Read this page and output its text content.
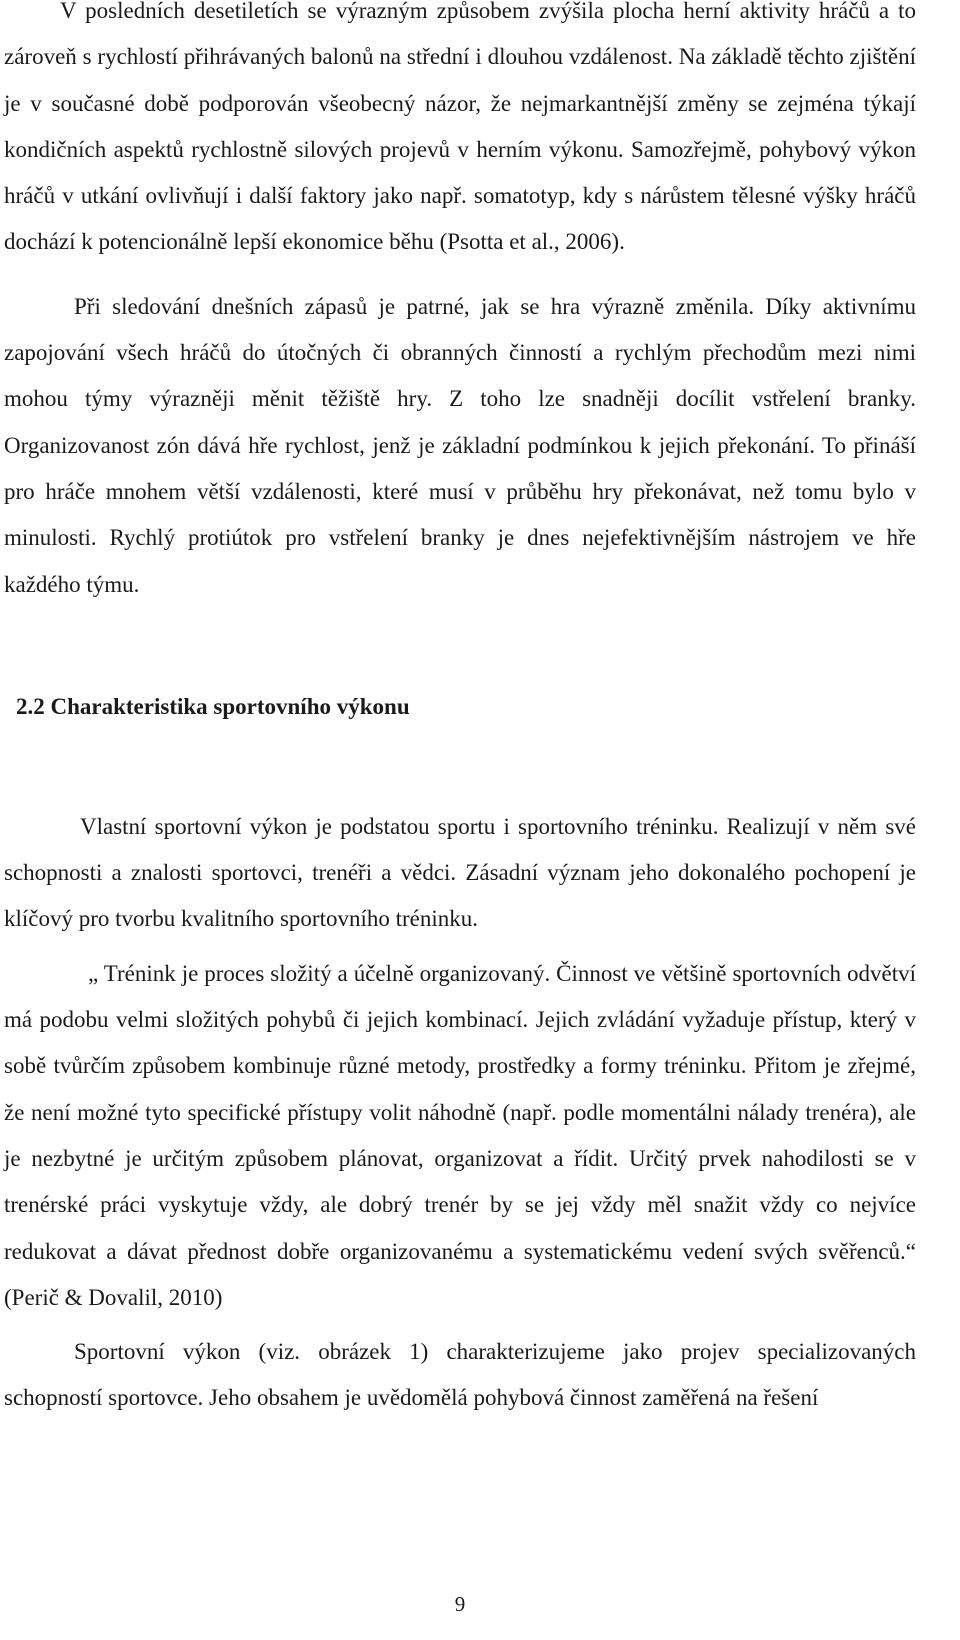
V posledních desetiletích se výrazným způsobem zvýšila plocha herní aktivity hráčů a to zároveň s rychlostí přihrávaných balonů na střední i dlouhou vzdálenost. Na základě těchto zjištění je v současné době podporován všeobecný názor, že nejmarkantnější změny se zejména týkají kondičních aspektů rychlostně silových projevů v herním výkonu. Samozřejmě, pohybový výkon hráčů v utkání ovlivňují i další faktory jako např. somatotyp, kdy s nárůstem tělesné výšky hráčů dochází k potencionálně lepší ekonomice běhu (Psotta et al., 2006).

Při sledování dnešních zápasů je patrné, jak se hra výrazně změnila. Díky aktivnímu zapojování všech hráčů do útočných či obranných činností a rychlým přechodům mezi nimi mohou týmy výrazněji měnit těžiště hry. Z toho lze snadněji docílit vstřelení branky. Organizovanost zón dává hře rychlost, jenž je základní podmínkou k jejich překonání. To přináší pro hráče mnohem větší vzdálenosti, které musí v průběhu hry překonávat, než tomu bylo v minulosti. Rychlý protiútok pro vstřelení branky je dnes nejefektivnějším nástrojem ve hře každého týmu.

2.2 Charakteristika sportovního výkonu

Vlastní sportovní výkon je podstatou sportu i sportovního tréninku. Realizují v něm své schopnosti a znalosti sportovci, trenéři a vědci. Zásadní význam jeho dokonalého pochopení je klíčový pro tvorbu kvalitního sportovního tréninku.

„ Trénink je proces složitý a účelně organizovaný. Činnost ve většině sportovních odvětví má podobu velmi složitých pohybů či jejich kombinací. Jejich zvládání vyžaduje přístup, který v sobě tvůrčím způsobem kombinuje různé metody, prostředky a formy tréninku. Přitom je zřejmé, že není možné tyto specifické přístupy volit náhodně (např. podle momentálni nálady trenéra), ale je nezbytné je určitým způsobem plánovat, organizovat a řídit. Určitý prvek nahodilosti se v trenérské práci vyskytuje vždy, ale dobrý trenér by se jej vždy měl snažit vždy co nejvíce redukovat a dávat přednost dobře organizovanému a systematickému vedení svých svěřenců.“ (Perič & Dovalil, 2010)

Sportovní výkon (viz. obrázek 1) charakterizujeme jako projev specializovaných schopností sportovce. Jeho obsahem je uvědomělá pohybová činnost zaměřená na řešení

9
